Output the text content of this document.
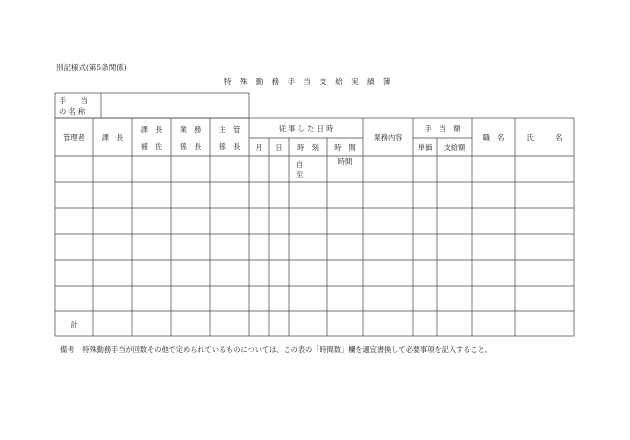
別記様式(第5条関係)
特 殊 勤 務 手 当 支 給 実 績 簿
手　　当
の 名 称
管理者 課　長
課　長
補　佐
業　務
係　長
主　管
係　長
従 事 し た 日 時
月 日 時　刻 時　間
業務内容
手　当　額
単価 支給額
職　名	氏　　　名
自
至
時間
計
備考 特殊勤務手当が回数その他で定められているものについては、この表の「時間数」欄を適宜書換して必要事項を記入すること。
